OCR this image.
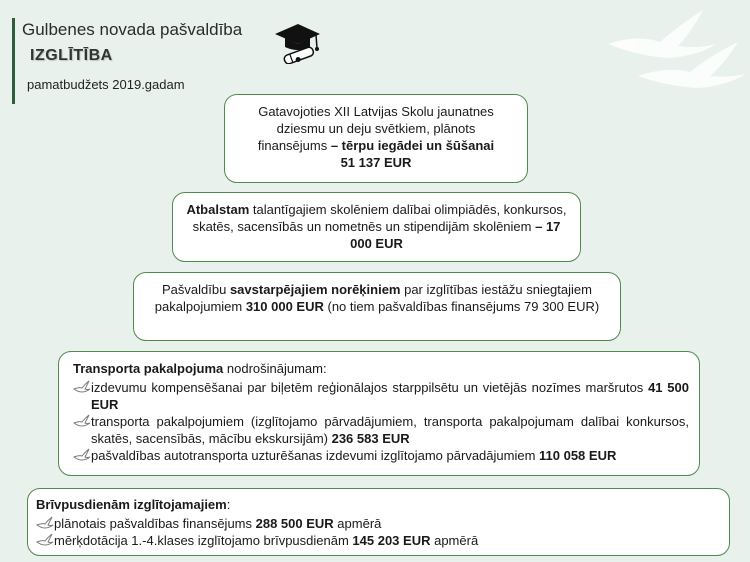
Gulbenes novada pašvaldība
IZGLĪTĪBA
pamatbudžets 2019.gadam
Gatavojoties XII Latvijas Skolu jaunatnes
dziesmu un deju svētkiem, plānots
finansējums – tērpu iegādei un šūšanai
51 137 EUR
Atbalstam talantīgajiem skolēniem dalībai olimpiādēs, konkursos, skatēs, sacensībās un nometnēs un stipendijām skolēniem – 17 000 EUR
Pašvaldību savstarpējajiem norēķiniem par izglītības iestāžu sniegtajiem pakalpojumiem 310 000 EUR (no tiem pašvaldības finansējums 79 300 EUR)
Transporta pakalpojuma nodrošinājumam:
izdevumu kompensēšanai par biļetēm reģionālajos starppilsētu un vietējās nozīmes maršrutos 41 500 EUR
transporta pakalpojumiem (izglītojamo pārvadājumiem, transporta pakalpojumam dalībai konkursos, skatēs, sacensībās, mācību ekskursijām) 236 583 EUR
pašvaldības autotransporta uzturēšanas izdevumi izglītojamo pārvadājumiem 110 058 EUR
Brīvpusdienām izglītojamajiem:
plānotais pašvaldības finansējums 288 500 EUR apmērā
mērķdotācija 1.-4.klases izglītojamo brīvpusdienām 145 203 EUR apmērā
